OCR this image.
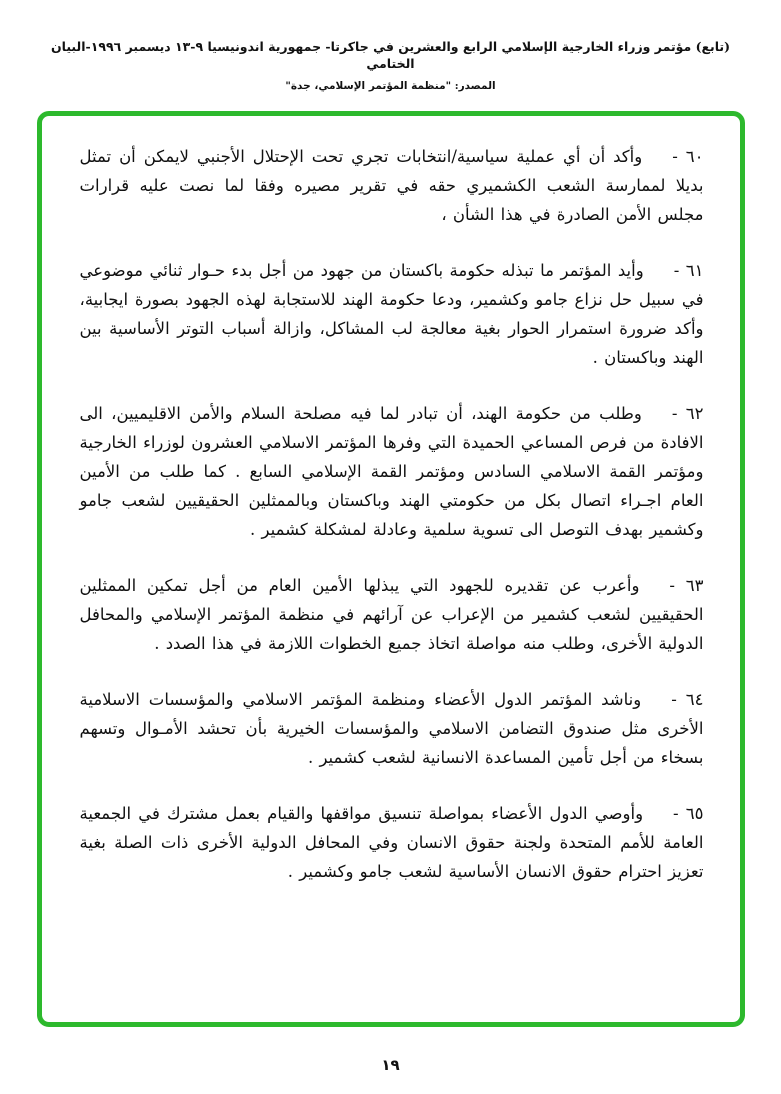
(تابع) مؤتمر وزراء الخارجية الإسلامي الرابع والعشرين في جاكرتا- جمهورية اندونيسيا ٩-١٣ ديسمبر ١٩٩٦-البيان الختامي
المصدر: "منظمة المؤتمر الإسلامي، جدة"

٦٠ -وأكد أن أي عملية سياسية/انتخابات تجري تحت الإحتلال الأجنبي لايمكن أن تمثل بديلا لممارسة الشعب الكشميري حقه في تقرير مصيره وفقا لما نصت عليه قرارات مجلس الأمن الصادرة في هذا الشأن ،

٦١ -وأيد المؤتمر ما تبذله حكومة باكستان من جهود من أجل بدء حـوار ثنائي موضوعي في سبيل حل نزاع جامو وكشمير، ودعا حكومة الهند للاستجابة لهذه الجهود بصورة ايجابية، وأكد ضرورة استمرار الحوار بغية معالجة لب المشاكل، وازالة أسباب التوتر الأساسية بين الهند وباكستان .

٦٢ -وطلب من حكومة الهند، أن تبادر لما فيه مصلحة السلام والأمن الاقليميين، الى الافادة من فرص المساعي الحميدة التي وفرها المؤتمر الاسلامي العشرون لوزراء الخارجية ومؤتمر القمة الاسلامي السادس ومؤتمر القمة الإسلامي السابع . كما طلب من الأمين العام اجـراء اتصال بكل من حكومتي الهند وباكستان وبالممثلين الحقيقيين لشعب جامو وكشمير بهدف التوصل الى تسوية سلمية وعادلة لمشكلة كشمير .

٦٣ -وأعرب عن تقديره للجهود التي يبذلها الأمين العام من أجل تمكين الممثلين الحقيقيين لشعب كشمير من الإعراب عن آرائهم في منظمة المؤتمر الإسلامي والمحافل الدولية الأخرى، وطلب منه مواصلة اتخاذ جميع الخطوات اللازمة في هذا الصدد .

٦٤ -وناشد المؤتمر الدول الأعضاء ومنظمة المؤتمر الاسلامي والمؤسسات الاسلامية الأخرى مثل صندوق التضامن الاسلامي والمؤسسات الخيرية بأن تحشد الأمـوال وتسهم بسخاء من أجل تأمين المساعدة الانسانية لشعب كشمير .

٦٥ -وأوصي الدول الأعضاء بمواصلة تنسيق مواقفها والقيام بعمل مشترك في الجمعية العامة للأمم المتحدة ولجنة حقوق الانسان وفي المحافل الدولية الأخرى ذات الصلة بغية تعزيز احترام حقوق الانسان الأساسية لشعب جامو وكشمير .

١٩
